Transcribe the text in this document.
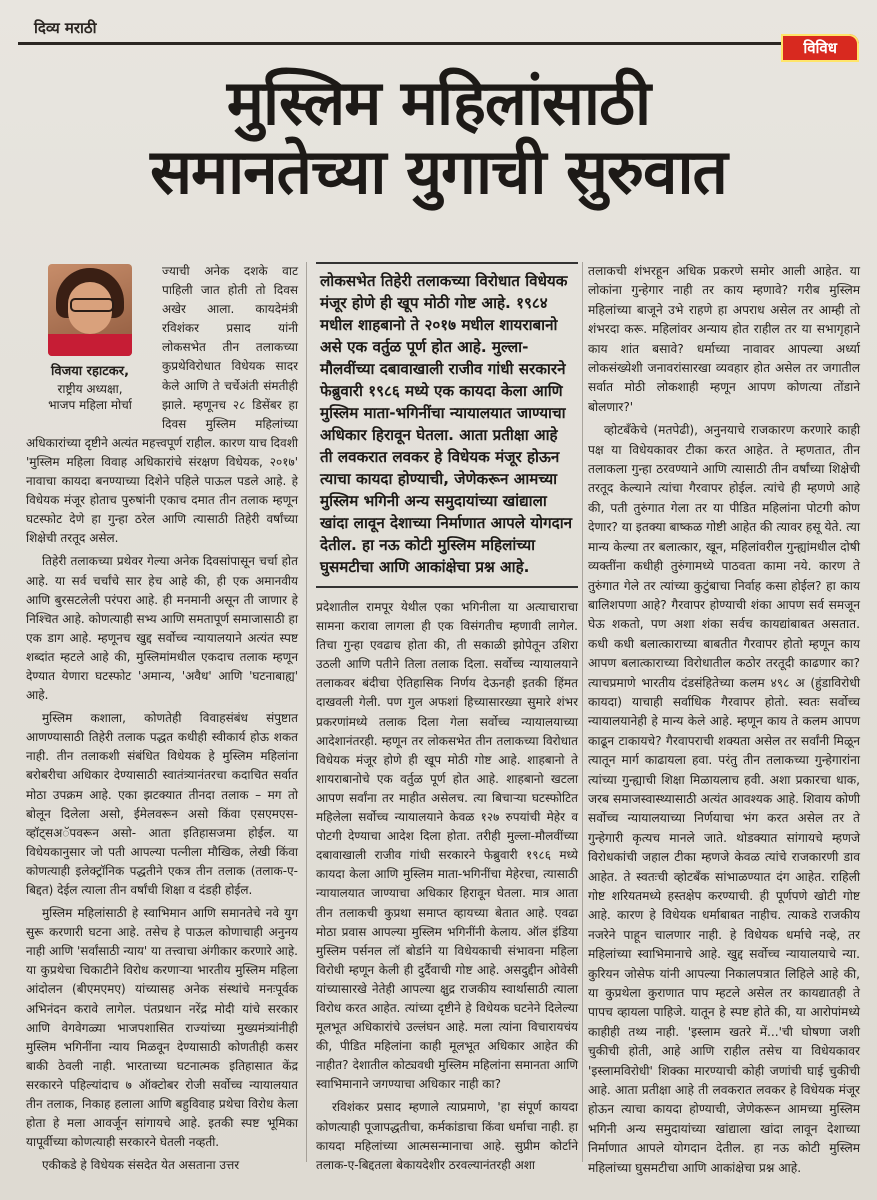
दिव्य मराठी
विविध
मुस्लिम महिलांसाठी
समानतेच्या युगाची सुरुवात
विजया रहाटकर,
राष्ट्रीय अध्यक्षा,
भाजप महिला मोर्चा

ज्याची अनेक दशके वाट पाहिली जात होती तो दिवस अखेर आला. कायदेमंत्री रविशंकर प्रसाद यांनी लोकसभेत तीन तलाकच्या कुप्रथेविरोधात विधेयक सादर केले आणि ते चर्चेअंती संमतीही झाले. म्हणूनच २८ डिसेंबर हा दिवस मुस्लिम महिलांच्या अधिकारांच्या दृष्टीने अत्यंत महत्त्वपूर्ण राहील. कारण याच दिवशी 'मुस्लिम महिला विवाह अधिकारांचे संरक्षण विधेयक, २०१७' नावाचा कायदा बनण्याच्या दिशेने पहिले पाऊल पडले आहे. हे विधेयक मंजूर होताच पुरुषांनी एकाच दमात तीन तलाक म्हणून घटस्फोट देणे हा गुन्हा ठरेल आणि त्यासाठी तिहेरी वर्षांच्या शिक्षेची तरतूद असेल.

तिहेरी तलाकच्या प्रथेवर गेल्या अनेक दिवसांपासून चर्चा होत आहे. या सर्व चर्चांचे सार हेच आहे की, ही एक अमानवीय आणि बुरसटलेली परंपरा आहे. ही मनमानी असून ती जाणार हे निश्चित आहे. कोणत्याही सभ्य आणि समतापूर्ण समाजासाठी हा एक डाग आहे. म्हणूनच खुद्द सर्वोच्च न्यायालयाने अत्यंत स्पष्ट शब्दांत म्हटले आहे की, मुस्लिमांमधील एकदाच तलाक म्हणून देण्यात येणारा घटस्फोट 'अमान्य, 'अवैध' आणि 'घटनाबाह्य' आहे.

मुस्लिम कशाला, कोणतेही विवाहसंबंध संपुष्टात आणण्यासाठी तिहेरी तलाक पद्धत कधीही स्वीकार्य होऊ शकत नाही. तीन तलाकशी संबंधित विधेयक हे मुस्लिम महिलांना बरोबरीचा अधिकार देण्यासाठी स्वातंत्र्यानंतरचा कदाचित सर्वात मोठा उपक्रम आहे. एका झटक्यात तीनदा तलाक – मग तो बोलून दिलेला असो, ईमेलवरून असो किंवा एसएमएस-व्हॉट्सअॅपवरून असो- आता इतिहासजमा होईल. या विधेयकानुसार जो पती आपल्या पत्नीला मौखिक, लेखी किंवा कोणत्याही इलेक्ट्रॉनिक पद्धतीने एकत्र तीन तलाक (तलाक-ए-बिद्दत) देईल त्याला तीन वर्षांची शिक्षा व दंडही होईल.

मुस्लिम महिलांसाठी हे स्वाभिमान आणि समानतेचे नवे युग सुरू करणारी घटना आहे. तसेच हे पाऊल कोणाचाही अनुनय नाही आणि 'सर्वांसाठी न्याय' या तत्त्वाचा अंगीकार करणारे आहे. या कुप्रथेचा चिकाटीने विरोध करणाऱ्या भारतीय मुस्लिम महिला आंदोलन (बीएमएमए) यांच्यासह अनेक संस्थांचे मनःपूर्वक अभिनंदन करावे लागेल. पंतप्रधान नरेंद्र मोदी यांचे सरकार आणि वेगवेगळ्या भाजपशासित राज्यांच्या मुख्यमंत्र्यांनीही मुस्लिम भगिनींना न्याय मिळवून देण्यासाठी कोणतीही कसर बाकी ठेवली नाही. भारताच्या घटनात्मक इतिहासात केंद्र सरकारने पहिल्यांदाच ७ ऑक्टोबर रोजी सर्वोच्च न्यायालयात तीन तलाक, निकाह हलाला आणि बहुविवाह प्रथेचा विरोध केला होता हे मला आवर्जून सांगायचे आहे. इतकी स्पष्ट भूमिका यापूर्वीच्या कोणत्याही सरकारने घेतली नव्हती.

एकीकडे हे विधेयक संसदेत येत असताना उत्तर

लोकसभेत तिहेरी तलाकच्या विरोधात विधेयक मंजूर होणे ही खूप मोठी गोष्ट आहे. १९८४ मधील शाहबानो ते २०१७ मधील शायराबानो असे एक वर्तुळ पूर्ण होत आहे. मुल्ला-मौलवींच्या दबावाखाली राजीव गांधी सरकारने फेब्रुवारी १९८६ मध्ये एक कायदा केला आणि मुस्लिम माता-भगिनींचा न्यायालयात जाण्याचा अधिकार हिरावून घेतला. आता प्रतीक्षा आहे ती लवकरात लवकर हे विधेयक मंजूर होऊन त्याचा कायदा होण्याची, जेणेकरून आमच्या मुस्लिम भगिनी अन्य समुदायांच्या खांद्याला खांदा लावून देशाच्या निर्माणात आपले योगदान देतील. हा नऊ कोटी मुस्लिम महिलांच्या घुसमटीचा आणि आकांक्षेचा प्रश्न आहे.

प्रदेशातील रामपूर येथील एका भगिनीला या अत्याचाराचा सामना करावा लागला ही एक विसंगतीच म्हणावी लागेल. तिचा गुन्हा एवढाच होता की, ती सकाळी झोपेतून उशिरा उठली आणि पतीने तिला तलाक दिला. सर्वोच्च न्यायालयाने तलाकवर बंदीचा ऐतिहासिक निर्णय देऊनही इतकी हिंमत दाखवली गेली. पण गुल अफशां हिच्यासारख्या सुमारे शंभर प्रकरणांमध्ये तलाक दिला गेला सर्वोच्च न्यायालयाच्या आदेशानंतरही. म्हणून तर लोकसभेत तीन तलाकच्या विरोधात विधेयक मंजूर होणे ही खूप मोठी गोष्ट आहे. शाहबानो ते शायराबानोचे एक वर्तुळ पूर्ण होत आहे. शाहबानो खटला आपण सर्वांना तर माहीत असेलच. त्या बिचाऱ्या घटस्फोटित महिलेला सर्वोच्च न्यायालयाने केवळ १२७ रुपयांची मेहेर व पोटगी देण्याचा आदेश दिला होता. तरीही मुल्ला-मौलवींच्या दबावाखाली राजीव गांधी सरकारने फेब्रुवारी १९८६ मध्ये कायदा केला आणि मुस्लिम माता-भगिनींचा मेहेरचा, त्यासाठी न्यायालयात जाण्याचा अधिकार हिरावून घेतला. मात्र आता तीन तलाकची कुप्रथा समाप्त व्हायच्या बेतात आहे. एवढा मोठा प्रवास आपल्या मुस्लिम भगिनींनी केलाय. ऑल इंडिया मुस्लिम पर्सनल लॉ बोर्डाने या विधेयकाची संभावना महिला विरोधी म्हणून केली ही दुर्दैवाची गोष्ट आहे. असदुद्दीन ओवेसी यांच्यासारखे नेतेही आपल्या क्षुद्र राजकीय स्वार्थासाठी त्याला विरोध करत आहेत. त्यांच्या दृष्टीने हे विधेयक घटनेने दिलेल्या मूलभूत अधिकारांचे उल्लंघन आहे. मला त्यांना विचारायचंय की, पीडित महिलांना काही मूलभूत अधिकार आहेत की नाहीत? देशातील कोट्यवधी मुस्लिम महिलांना समानता आणि स्वाभिमानाने जगण्याचा अधिकार नाही का?

रविशंकर प्रसाद म्हणाले त्याप्रमाणे, 'हा संपूर्ण कायदा कोणत्याही पूजापद्धतीचा, कर्मकांडाचा किंवा धर्माचा नाही. हा कायदा महिलांच्या आत्मसन्मानाचा आहे. सुप्रीम कोर्टाने तलाक-ए-बिद्दतला बेकायदेशीर ठरवल्यानंतरही अशा

तलाकची शंभरहून अधिक प्रकरणे समोर आली आहेत. या लोकांना गुन्हेगार नाही तर काय म्हणावे? गरीब मुस्लिम महिलांच्या बाजूने उभे राहणे हा अपराध असेल तर आम्ही तो शंभरदा करू. महिलांवर अन्याय होत राहील तर या सभागृहाने काय शांत बसावे? धर्माच्या नावावर आपल्या अर्ध्या लोकसंख्येशी जनावरांसारखा व्यवहार होत असेल तर जगातील सर्वात मोठी लोकशाही म्हणून आपण कोणत्या तोंडाने बोलणार?'

व्होटबँकेचे (मतपेढी), अनुनयाचे राजकारण करणारे काही पक्ष या विधेयकावर टीका करत आहेत. ते म्हणतात, तीन तलाकला गुन्हा ठरवण्याने आणि त्यासाठी तीन वर्षांच्या शिक्षेची तरतूद केल्याने त्यांचा गैरवापर होईल. त्यांचे ही म्हणणे आहे की, पती तुरुंगात गेला तर या पीडित महिलांना पोटगी कोण देणार? या इतक्या बाष्कळ गोष्टी आहेत की त्यावर हसू येते. त्या मान्य केल्या तर बलात्कार, खून, महिलांवरील गुन्ह्यांमधील दोषी व्यक्तींना कधीही तुरुंगामध्ये पाठवता कामा नये. कारण ते तुरुंगात गेले तर त्यांच्या कुटुंबाचा निर्वाह कसा होईल? हा काय बालिशपणा आहे? गैरवापर होण्याची शंका आपण सर्व समजून घेऊ शकतो, पण अशा शंका सर्वच कायद्यांबाबत असतात. कधी कधी बलात्काराच्या बाबतीत गैरवापर होतो म्हणून काय आपण बलात्काराच्या विरोधातील कठोर तरतूदी काढणार का? त्याचप्रमाणे भारतीय दंडसंहितेच्या कलम ४९८ अ (हुंडाविरोधी कायदा) याचाही सर्वाधिक गैरवापर होतो. स्वतः सर्वोच्च न्यायालयानेही हे मान्य केले आहे. म्हणून काय ते कलम आपण काढून टाकायचे? गैरवापराची शक्यता असेल तर सर्वांनी मिळून त्यातून मार्ग काढायला हवा. परंतु तीन तलाकच्या गुन्हेगारांना त्यांच्या गुन्ह्याची शिक्षा मिळायलाच हवी. अशा प्रकारचा धाक, जरब समाजस्वास्थ्यासाठी अत्यंत आवश्यक आहे. शिवाय कोणी सर्वोच्च न्यायालयाच्या निर्णयाचा भंग करत असेल तर ते गुन्हेगारी कृत्यच मानले जाते. थोडक्यात सांगायचे म्हणजे विरोधकांची जहाल टीका म्हणजे केवळ त्यांचे राजकारणी डाव आहेत. ते स्वतःची व्होटबँक सांभाळण्यात दंग आहेत. राहिली गोष्ट शरियतमध्ये हस्तक्षेप करण्याची. ही पूर्णपणे खोटी गोष्ट आहे. कारण हे विधेयक धर्माबाबत नाहीच. त्याकडे राजकीय नजरेने पाहून चालणार नाही. हे विधेयक धर्माचे नव्हे, तर महिलांच्या स्वाभिमानाचे आहे. खुद्द सर्वोच्च न्यायालयाचे न्या. कुरियन जोसेफ यांनी आपल्या निकालपत्रात लिहिले आहे की, या कुप्रथेला कुराणात पाप म्हटले असेल तर कायद्यातही ते पापच व्हायला पाहिजे. यातून हे स्पष्ट होते की, या आरोपांमध्ये काहीही तथ्य नाही. 'इस्लाम खतरे में...'ची घोषणा जशी चुकीची होती, आहे आणि राहील तसेच या विधेयकावर 'इस्लामविरोधी' शिक्का मारण्याची कोही जणांची घाई चुकीची आहे. आता प्रतीक्षा आहे ती लवकरात लवकर हे विधेयक मंजूर होऊन त्याचा कायदा होण्याची, जेणेकरून आमच्या मुस्लिम भगिनी अन्य समुदायांच्या खांद्याला खांदा लावून देशाच्या निर्माणात आपले योगदान देतील. हा नऊ कोटी मुस्लिम महिलांच्या घुसमटीचा आणि आकांक्षेचा प्रश्न आहे.
